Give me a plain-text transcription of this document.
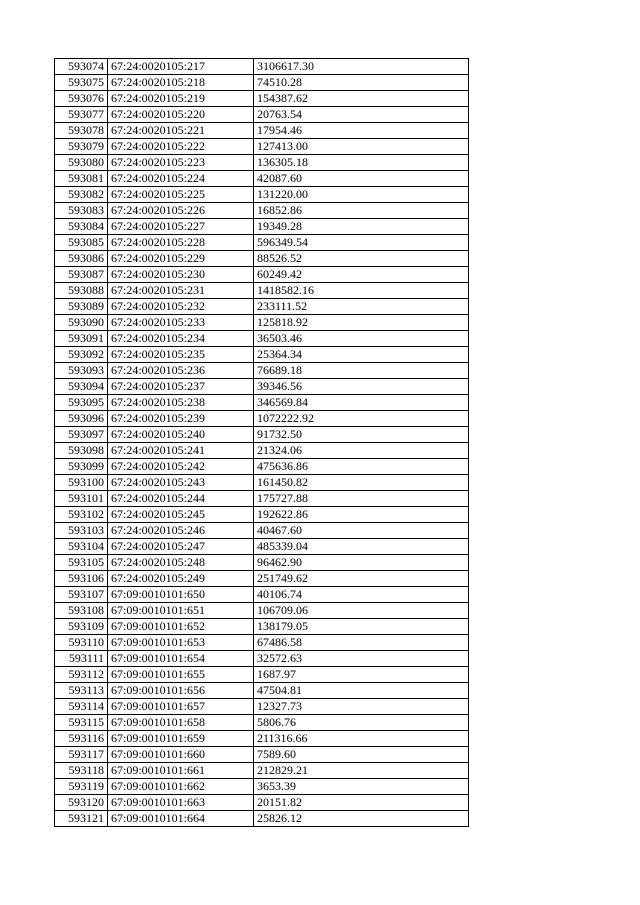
593074	67:24:0020105:217	3106617.30
593075	67:24:0020105:218	74510.28
593076	67:24:0020105:219	154387.62
593077	67:24:0020105:220	20763.54
593078	67:24:0020105:221	17954.46
593079	67:24:0020105:222	127413.00
593080	67:24:0020105:223	136305.18
593081	67:24:0020105:224	42087.60
593082	67:24:0020105:225	131220.00
593083	67:24:0020105:226	16852.86
593084	67:24:0020105:227	19349.28
593085	67:24:0020105:228	596349.54
593086	67:24:0020105:229	88526.52
593087	67:24:0020105:230	60249.42
593088	67:24:0020105:231	1418582.16
593089	67:24:0020105:232	233111.52
593090	67:24:0020105:233	125818.92
593091	67:24:0020105:234	36503.46
593092	67:24:0020105:235	25364.34
593093	67:24:0020105:236	76689.18
593094	67:24:0020105:237	39346.56
593095	67:24:0020105:238	346569.84
593096	67:24:0020105:239	1072222.92
593097	67:24:0020105:240	91732.50
593098	67:24:0020105:241	21324.06
593099	67:24:0020105:242	475636.86
593100	67:24:0020105:243	161450.82
593101	67:24:0020105:244	175727.88
593102	67:24:0020105:245	192622.86
593103	67:24:0020105:246	40467.60
593104	67:24:0020105:247	485339.04
593105	67:24:0020105:248	96462.90
593106	67:24:0020105:249	251749.62
593107	67:09:0010101:650	40106.74
593108	67:09:0010101:651	106709.06
593109	67:09:0010101:652	138179.05
593110	67:09:0010101:653	67486.58
593111	67:09:0010101:654	32572.63
593112	67:09:0010101:655	1687.97
593113	67:09:0010101:656	47504.81
593114	67:09:0010101:657	12327.73
593115	67:09:0010101:658	5806.76
593116	67:09:0010101:659	211316.66
593117	67:09:0010101:660	7589.60
593118	67:09:0010101:661	212829.21
593119	67:09:0010101:662	3653.39
593120	67:09:0010101:663	20151.82
593121	67:09:0010101:664	25826.12
